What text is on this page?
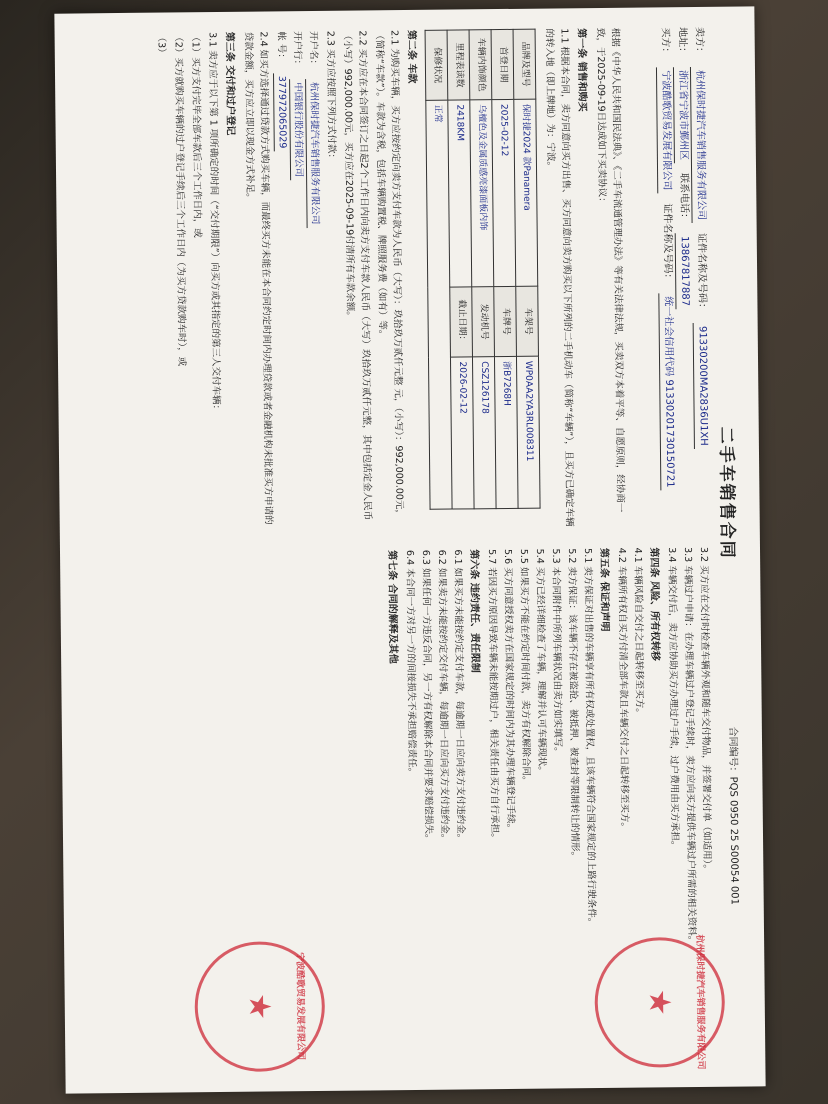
二手车销售合同
合同编号：PQS 0950 25 S00054 001
卖方：
杭州保时捷汽车销售服务有限公司
证件名称及号码：
91330200MA2836U1XH
地址：
浙江省宁波市鄞州区
联系电话：
13867817887
买方：
宁波酷歌贸易发展有限公司
证件名称及号码：
统一社会信用代码 91330201730150721
根据《中华人民共和国民法典》、《二手车流通管理办法》等有关法律法规，买卖双方本着平等、自愿原则，经协商一致，于2025-09-19日达成如下买卖协议：
第一条 销售和购买
1.1 根据本合同，卖方同意向买方出售、买方同意向卖方购买以下所列的二手机动车（简称“车辆”），且买方已确定车辆的转入地（即上牌地）为：宁波。
品牌及型号	保时捷2024 款Panamera	车架号	WP0AA2YA3RL008311
首登日期	2025-02-12	车牌号	浙B7268H
车辆内饰颜色	乌檀色及金属质感亮漆面板内饰	发动机号	CSZ126178
里程表读数	2418KM	截止日期：	2026-02-12
保修状况	正常		
第二条 车款
2.1 为购买车辆，买方应按约定向卖方支付车款为人民币（大写）：玖拾玖万贰仟元整 元，（小写）：992,000.00元，（简称“车款”）。车款为含税，包括车辆购置税、牌照服务费（如有）等。
2.2 买方应在本合同签订之日起2个工作日内向卖方支付车款人民币（大写）玖拾玖万贰仟元整，其中包括定金人民币（小写）992,000.00元，买方应在2025-09-19付清所有车款余额。
2.3 买方应按照下列方式付款：
开户名：
杭州保时捷汽车销售服务有限公司
开户行：
中国银行股份有限公司
帐 号：
377972065029
2.4 如买方选择通过贷款方式购买车辆，而最终买方未能在本合同约定时间内办理贷款或者金融机构未批准买方申请的贷款金额，买方应立即以现金方式补足。
第三条 交付和过户登记
3.1 卖方应于以下第 1 项所确定的时间（“交付期限”）向买方或其指定的第三人交付车辆：
（1）买方支付完毕全部车款后三个工作日内，或
（2）买方就购买车辆的过户登记手续后三个工作日内（为买方贷款购车时），或
（3）
3.2 买方应在交付时检查车辆外观和随车交付物品，并签署交付单（如适用）。
3.3 车辆过户申请：在办理车辆过户登记手续时，卖方应向买方提供车辆过户所需的相关资料。
3.4 车辆交付后，卖方应协助买方办理过户手续，过户费用由买方承担。
第四条 风险、所有权转移
4.1 车辆风险自交付之日起转移至买方。
4.2 车辆所有权自买方付清全部车款且车辆交付之日起转移至买方。
第五条 保证和声明
5.1 卖方保证对出售的车辆享有所有权或处置权，且该车辆符合国家规定的上路行驶条件。
5.2 卖方保证：该车辆不存在被盗抢、被抵押、被查封等限制转让的情形。
5.3 本合同附件中所列车辆状况由卖方如实填写。
5.4 买方已经详细检查了车辆，理解并认可车辆现状。
5.5 如果买方不能在约定时间付款，卖方有权解除合同。
5.6 买方同意授权卖方在国家规定的时间内为其办理车辆登记手续。
5.7 若因买方原因导致车辆未能按期过户，相关责任由买方自行承担。
第六条 违约责任、责任限制
6.1 如果买方未能按约定支付车款，每逾期一日应向卖方支付违约金。
6.2 如果卖方未能按约定交付车辆，每逾期一日应向买方支付违约金。
6.3 如果任何一方违反合同，另一方有权解除本合同并要求赔偿损失。
6.4 本合同一方对另一方的间接损失不承担赔偿责任。
第七条 合同的解释及其他
★ 杭州保时捷汽车销售服务有限公司
★ 宁波酷歌贸易发展有限公司
